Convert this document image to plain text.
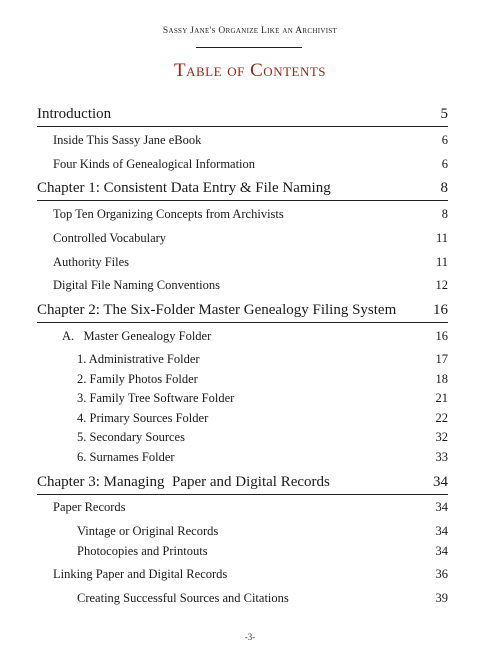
Sassy Jane's Organize Like an Archivist
Table of Contents
Introduction	5
Inside This Sassy Jane eBook	6
Four Kinds of Genealogical Information	6
Chapter 1: Consistent Data Entry & File Naming	8
Top Ten Organizing Concepts from Archivists	8
Controlled Vocabulary	11
Authority Files	11
Digital File Naming Conventions	12
Chapter 2: The Six-Folder Master Genealogy Filing System 16
A.   Master Genealogy Folder	16
1. Administrative Folder	17
2. Family Photos Folder	18
3. Family Tree Software Folder	21
4. Primary Sources Folder	22
5. Secondary Sources	32
6. Surnames Folder	33
Chapter 3: Managing  Paper and Digital Records	34
Paper Records	34
Vintage or Original Records	34
Photocopies and Printouts	34
Linking Paper and Digital Records	36
Creating Successful Sources and Citations	39
-3-
